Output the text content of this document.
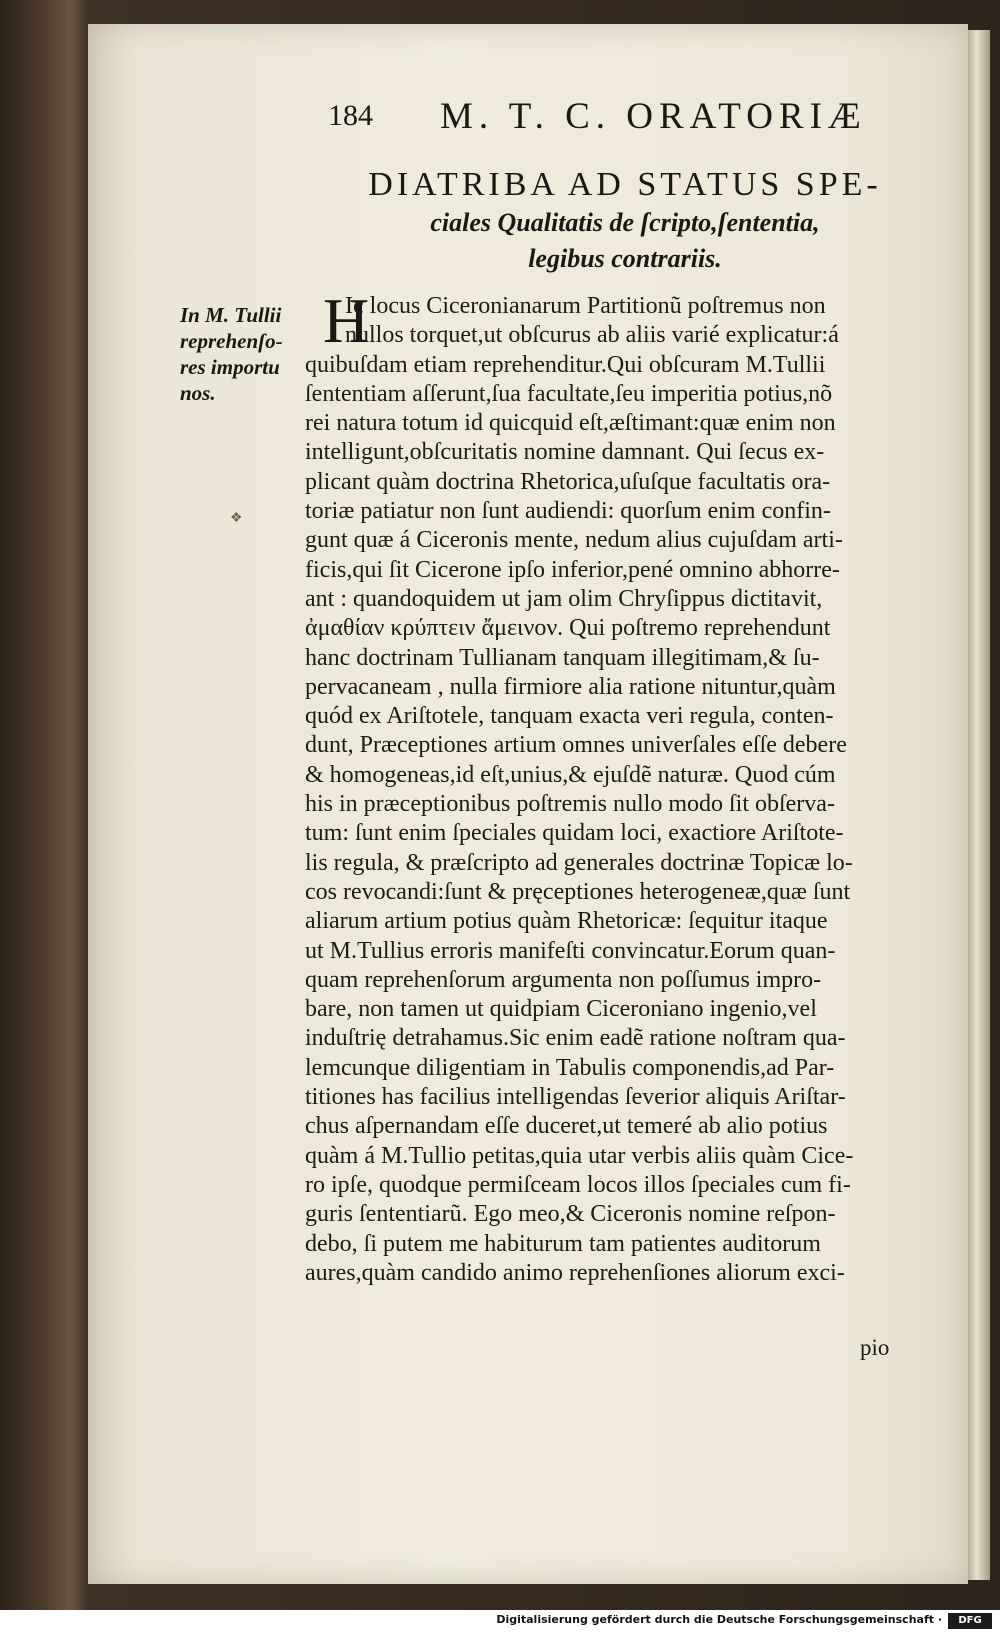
184 M. T. C. ORATORIÆ
DIATRIBA AD STATUS SPE-
ciales Qualitatis de ſcripto,ſententia,
legibus contrariis.
In M. Tullii
reprehenſo-
res importu
nos.
❖
H
Ic locus Ciceronianarum Partitionũ poſtremus non
nullos torquet,ut obſcurus ab aliis varié explicatur:á
quibuſdam etiam reprehenditur.Qui obſcuram M.Tullii
ſententiam aſſerunt,ſua facultate,ſeu imperitia potius,nõ
rei natura totum id quicquid eſt,æſtimant:quæ enim non
intelligunt,obſcuritatis nomine damnant. Qui ſecus ex-
plicant quàm doctrina Rhetorica,uſuſque facultatis ora-
toriæ patiatur non ſunt audiendi: quorſum enim confin-
gunt quæ á Ciceronis mente, nedum alius cujuſdam arti-
ficis,qui ſit Cicerone ipſo inferior,pené omnino abhorre-
ant : quandoquidem ut jam olim Chryſippus dictitavit,
ἀμαθίαν κρύπτειν ἄμεινον. Qui poſtremo reprehendunt
hanc doctrinam Tullianam tanquam illegitimam,& ſu-
pervacaneam , nulla firmiore alia ratione nituntur,quàm
quód ex Ariſtotele, tanquam exacta veri regula, conten-
dunt, Præceptiones artium omnes univerſales eſſe debere
& homogeneas,id eſt,unius,& ejuſdẽ naturæ. Quod cúm
his in præceptionibus poſtremis nullo modo ſit obſerva-
tum: ſunt enim ſpeciales quidam loci, exactiore Ariſtote-
lis regula, & præſcripto ad generales doctrinæ Topicæ lo-
cos revocandi:ſunt & pręceptiones heterogeneæ,quæ ſunt
aliarum artium potius quàm Rhetoricæ: ſequitur itaque
ut M.Tullius erroris manifeſti convincatur.Eorum quan-
quam reprehenſorum argumenta non poſſumus impro-
bare, non tamen ut quidpiam Ciceroniano ingenio,vel
induſtrię detrahamus.Sic enim eadẽ ratione noſtram qua-
lemcunque diligentiam in Tabulis componendis,ad Par-
titiones has facilius intelligendas ſeverior aliquis Ariſtar-
chus aſpernandam eſſe duceret,ut temeré ab alio potius
quàm á M.Tullio petitas,quia utar verbis aliis quàm Cice-
ro ipſe, quodque permiſceam locos illos ſpeciales cum fi-
guris ſententiarũ. Ego meo,& Ciceronis nomine reſpon-
debo, ſi putem me habiturum tam patientes auditorum
aures,quàm candido animo reprehenſiones aliorum exci-
pio
Digitalisierung gefördert durch die Deutsche Forschungsgemeinschaft ·	DFG
